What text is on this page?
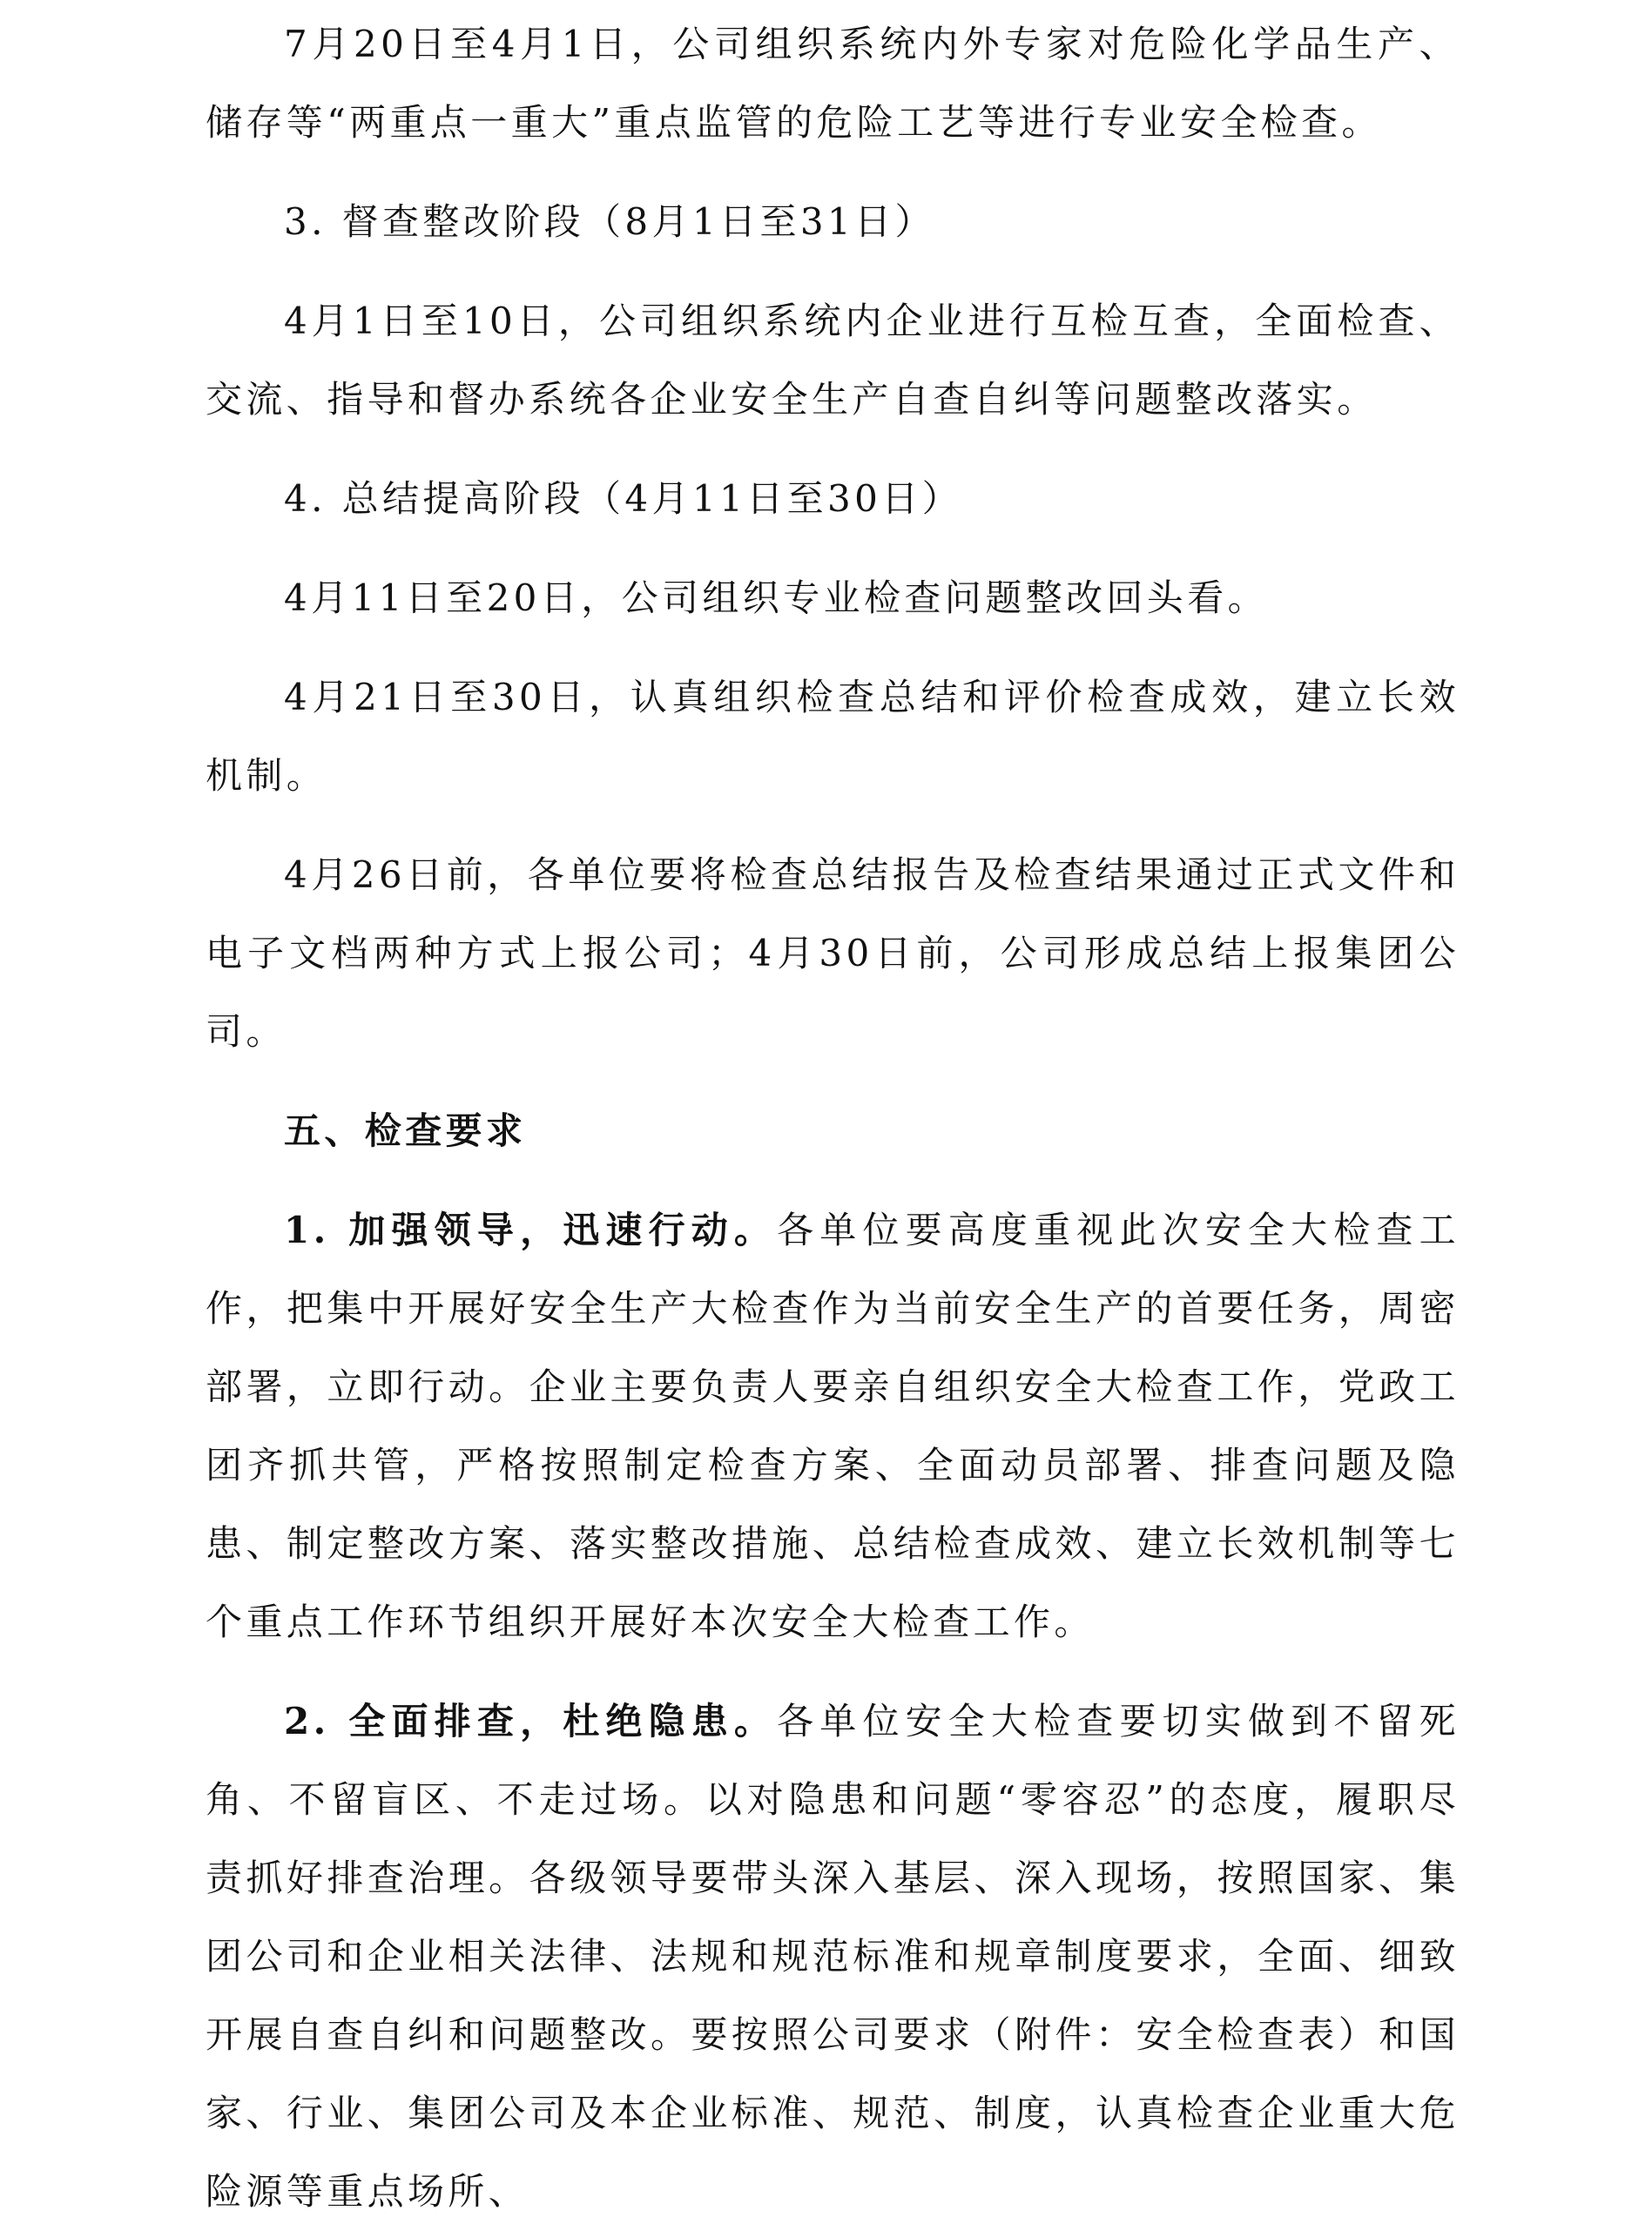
7月20日至4月1日，公司组织系统内外专家对危险化学品生产、储存等“两重点一重大”重点监管的危险工艺等进行专业安全检查。

3. 督查整改阶段（8月1日至31日）

4月1日至10日，公司组织系统内企业进行互检互查，全面检查、交流、指导和督办系统各企业安全生产自查自纠等问题整改落实。

4. 总结提高阶段（4月11日至30日）

4月11日至20日，公司组织专业检查问题整改回头看。

4月21日至30日，认真组织检查总结和评价检查成效，建立长效机制。

4月26日前，各单位要将检查总结报告及检查结果通过正式文件和电子文档两种方式上报公司；4月30日前，公司形成总结上报集团公司。

五、检查要求

1. 加强领导，迅速行动。各单位要高度重视此次安全大检查工作，把集中开展好安全生产大检查作为当前安全生产的首要任务，周密部署，立即行动。企业主要负责人要亲自组织安全大检查工作，党政工团齐抓共管，严格按照制定检查方案、全面动员部署、排查问题及隐患、制定整改方案、落实整改措施、总结检查成效、建立长效机制等七个重点工作环节组织开展好本次安全大检查工作。

2. 全面排查，杜绝隐患。各单位安全大检查要切实做到不留死角、不留盲区、不走过场。以对隐患和问题“零容忍”的态度，履职尽责抓好排查治理。各级领导要带头深入基层、深入现场，按照国家、集团公司和企业相关法律、法规和规范标准和规章制度要求，全面、细致开展自查自纠和问题整改。要按照公司要求（附件：安全检查表）和国家、行业、集团公司及本企业标准、规范、制度，认真检查企业重大危险源等重点场所、
